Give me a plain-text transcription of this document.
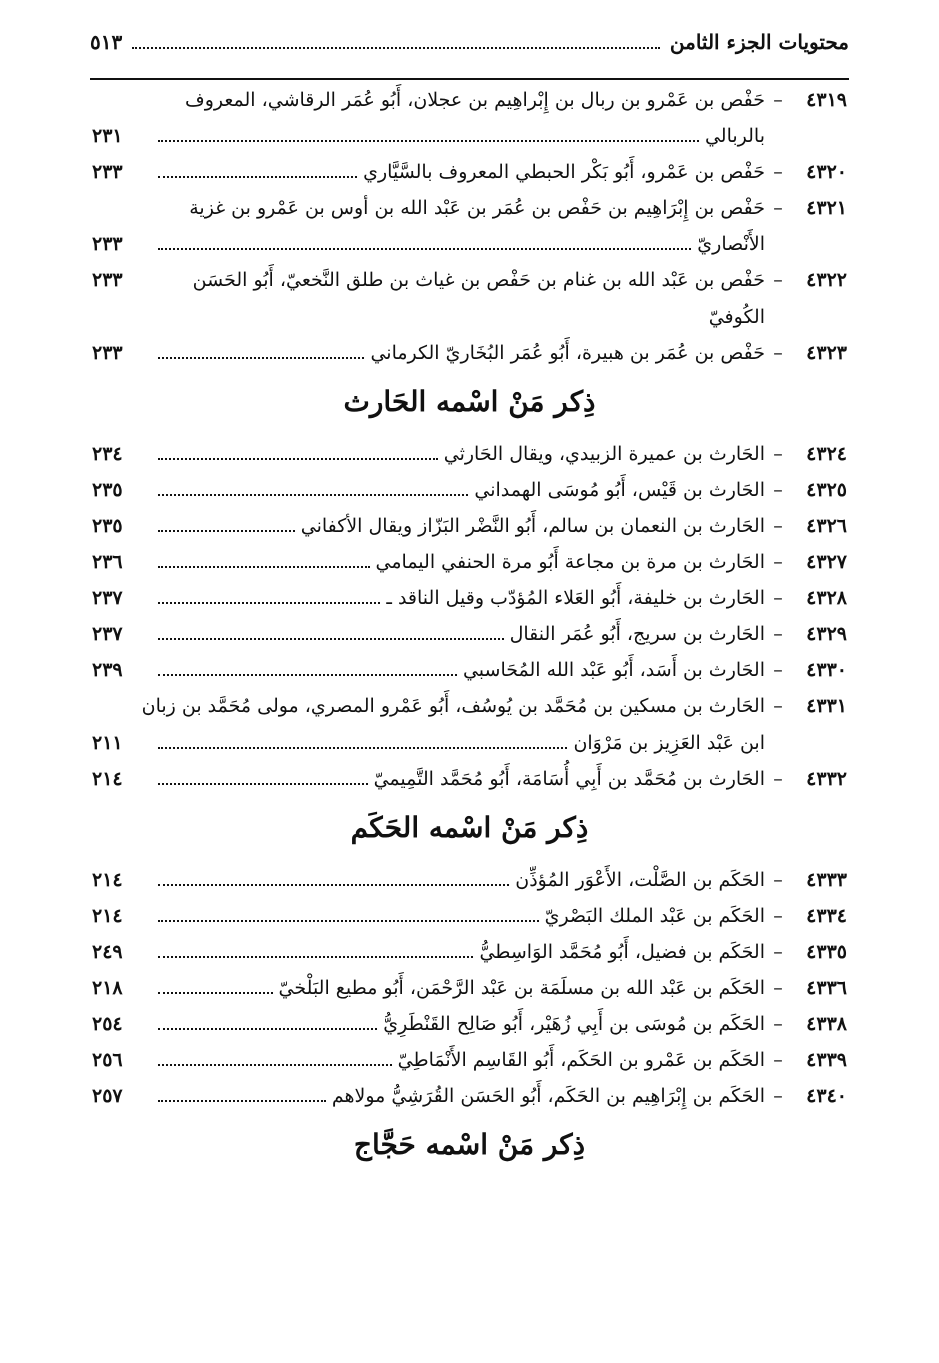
محتويات الجزء الثامن
٥١٣
٤٣١٩
–
حَفْص بن عَمْرو بن ربال بن إِبْراهِيم بن عجلان، أَبُو عُمَر الرقاشي، المعروف
بالربالي
٢٣١
٤٣٢٠
–
حَفْص بن عَمْرو، أَبُو بَكْر الحبطي المعروف بالسَّيَّاري
٢٣٣
٤٣٢١
–
حَفْص بن إِبْرَاهِيم بن حَفْص بن عُمَر بن عَبْد الله بن أوس بن عَمْرو بن غزية
الأَنْصاريّ
٢٣٣
٤٣٢٢
–
حَفْص بن عَبْد الله بن غنام بن حَفْص بن غياث بن طلق النَّخعيّ، أَبُو الحَسَن الكُوفيّ
٢٣٣
٤٣٢٣
–
حَفْص بن عُمَر بن هبيرة، أَبُو عُمَر البُخَاريّ الكرماني
٢٣٣
ذِكر مَنْ اسْمه الحَارث
٤٣٢٤
–
الحَارث بن عميرة الزبيدي، ويقال الحَارثي
٢٣٤
٤٣٢٥
–
الحَارث بن قَيْس، أَبُو مُوسَى الهمداني
٢٣٥
٤٣٢٦
–
الحَارث بن النعمان بن سالم، أَبُو النَّضْر البَزّاز ويقال الأكفاني
٢٣٥
٤٣٢٧
–
الحَارث بن مرة بن مجاعة أَبُو مرة الحنفي اليمامي
٢٣٦
٤٣٢٨
–
الحَارث بن خليفة، أَبُو العَلاء المُؤدّب وقيل الناقد ـ
٢٣٧
٤٣٢٩
–
الحَارث بن سريج، أَبُو عُمَر النقال
٢٣٧
٤٣٣٠
–
الحَارث بن أَسَد، أَبُو عَبْد الله المُحَاسبي
٢٣٩
٤٣٣١
–
الحَارث بن مسكين بن مُحَمَّد بن يُوسُف، أَبُو عَمْرو المصري، مولى مُحَمَّد بن زبان
ابن عَبْد العَزِيز بن مَرْوَان
٢١١
٤٣٣٢
–
الحَارث بن مُحَمَّد بن أَبِي أُسَامَة، أَبُو مُحَمَّد التَّمِيميّ
٢١٤
ذِكر مَنْ اسْمه الحَكَم
٤٣٣٣
–
الحَكَم بن الصَّلْت، الأَعْوَر المُؤذِّن
٢١٤
٤٣٣٤
–
الحَكَم بن عَبْد الملك البَصْريّ
٢١٤
٤٣٣٥
–
الحَكَم بن فضيل، أَبُو مُحَمَّد الوَاسِطيُّ
٢٤٩
٤٣٣٦
–
الحَكَم بن عَبْد الله بن مسلَمَة بن عَبْد الرَّحْمَن، أَبُو مطيع البَلْخيّ
٢١٨
٤٣٣٨
–
الحَكَم بن مُوسَى بن أَبِي زُهَيْر، أَبُو صَالِح القَنْطَرِيُّ
٢٥٤
٤٣٣٩
–
الحَكَم بن عَمْرو بن الحَكَم، أَبُو القَاسِم الأَنْمَاطِيّ
٢٥٦
٤٣٤٠
–
الحَكَم بن إِبْرَاهِيم بن الحَكَم، أَبُو الحَسَن القُرَشِيُّ مولاهم
٢٥٧
ذِكر مَنْ اسْمه حَجَّاج
